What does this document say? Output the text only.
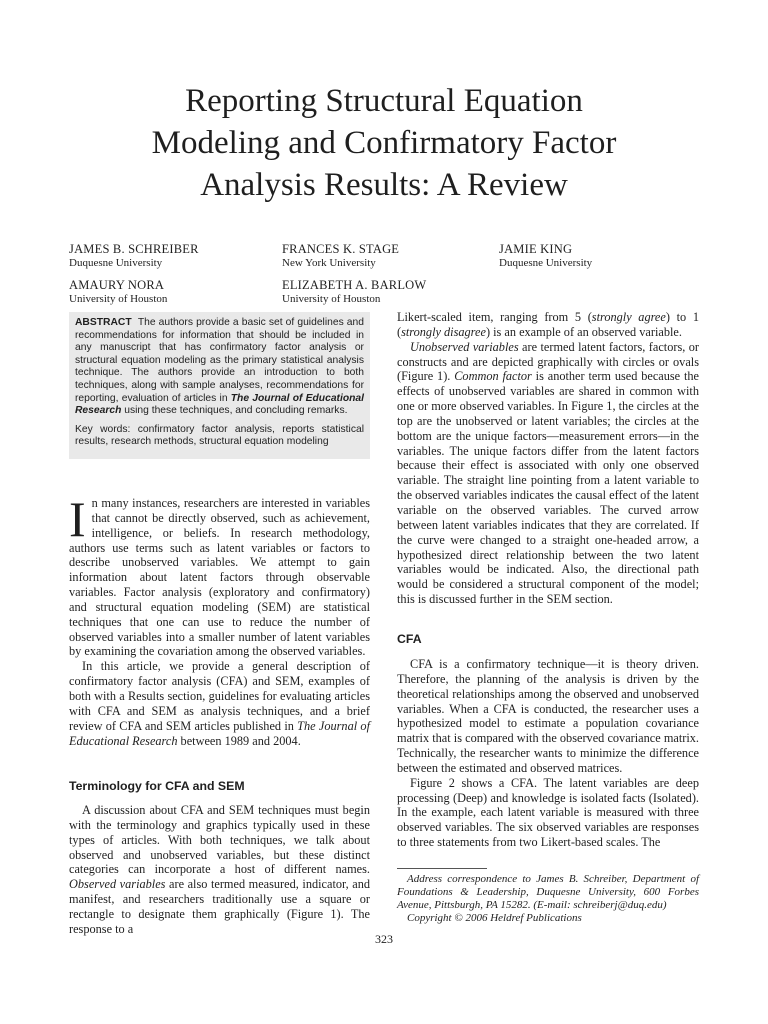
Reporting Structural Equation
Modeling and Confirmatory Factor
Analysis Results: A Review
JAMES B. SCHREIBER
Duquesne University
FRANCES K. STAGE
New York University
JAMIE KING
Duquesne University
AMAURY NORA
University of Houston
ELIZABETH A. BARLOW
University of Houston

ABSTRACT The authors provide a basic set of guidelines and recommendations for information that should be included in any manuscript that has confirmatory factor analysis or structural equation modeling as the primary statistical analysis technique. The authors provide an introduction to both techniques, along with sample analyses, recommendations for reporting, evaluation of articles in The Journal of Educational Research using these techniques, and concluding remarks.

Key words: confirmatory factor analysis, reports statistical results, research methods, structural equation modeling

In many instances, researchers are interested in variables that cannot be directly observed, such as achievement, intelligence, or beliefs. In research methodology, authors use terms such as latent variables or factors to describe unobserved variables. We attempt to gain information about latent factors through observable variables. Factor analysis (exploratory and confirmatory) and structural equation modeling (SEM) are statistical techniques that one can use to reduce the number of observed variables into a smaller number of latent variables by examining the covariation among the observed variables.

In this article, we provide a general description of confirmatory factor analysis (CFA) and SEM, examples of both with a Results section, guidelines for evaluating articles with CFA and SEM as analysis techniques, and a brief review of CFA and SEM articles published in The Journal of Educational Research between 1989 and 2004.

Terminology for CFA and SEM

A discussion about CFA and SEM techniques must begin with the terminology and graphics typically used in these types of articles. With both techniques, we talk about observed and unobserved variables, but these distinct categories can incorporate a host of different names. Observed variables are also termed measured, indicator, and manifest, and researchers traditionally use a square or rectangle to designate them graphically (Figure 1). The response to a

Likert-scaled item, ranging from 5 (strongly agree) to 1 (strongly disagree) is an example of an observed variable.

Unobserved variables are termed latent factors, factors, or constructs and are depicted graphically with circles or ovals (Figure 1). Common factor is another term used because the effects of unobserved variables are shared in common with one or more observed variables. In Figure 1, the circles at the top are the unobserved or latent variables; the circles at the bottom are the unique factors—measurement errors—in the variables. The unique factors differ from the latent factors because their effect is associated with only one observed variable. The straight line pointing from a latent variable to the observed variables indicates the causal effect of the latent variable on the observed variables. The curved arrow between latent variables indicates that they are correlated. If the curve were changed to a straight one-headed arrow, a hypothesized direct relationship between the two latent variables would be indicated. Also, the directional path would be considered a structural component of the model; this is discussed further in the SEM section.

CFA

CFA is a confirmatory technique—it is theory driven. Therefore, the planning of the analysis is driven by the theoretical relationships among the observed and unobserved variables. When a CFA is conducted, the researcher uses a hypothesized model to estimate a population covariance matrix that is compared with the observed covariance matrix. Technically, the researcher wants to minimize the difference between the estimated and observed matrices.

Figure 2 shows a CFA. The latent variables are deep processing (Deep) and knowledge is isolated facts (Isolated). In the example, each latent variable is measured with three observed variables. The six observed variables are responses to three statements from two Likert-based scales. The

Address correspondence to James B. Schreiber, Department of Foundations & Leadership, Duquesne University, 600 Forbes Avenue, Pittsburgh, PA 15282. (E-mail: schreiberj@duq.edu)

Copyright © 2006 Heldref Publications

323
